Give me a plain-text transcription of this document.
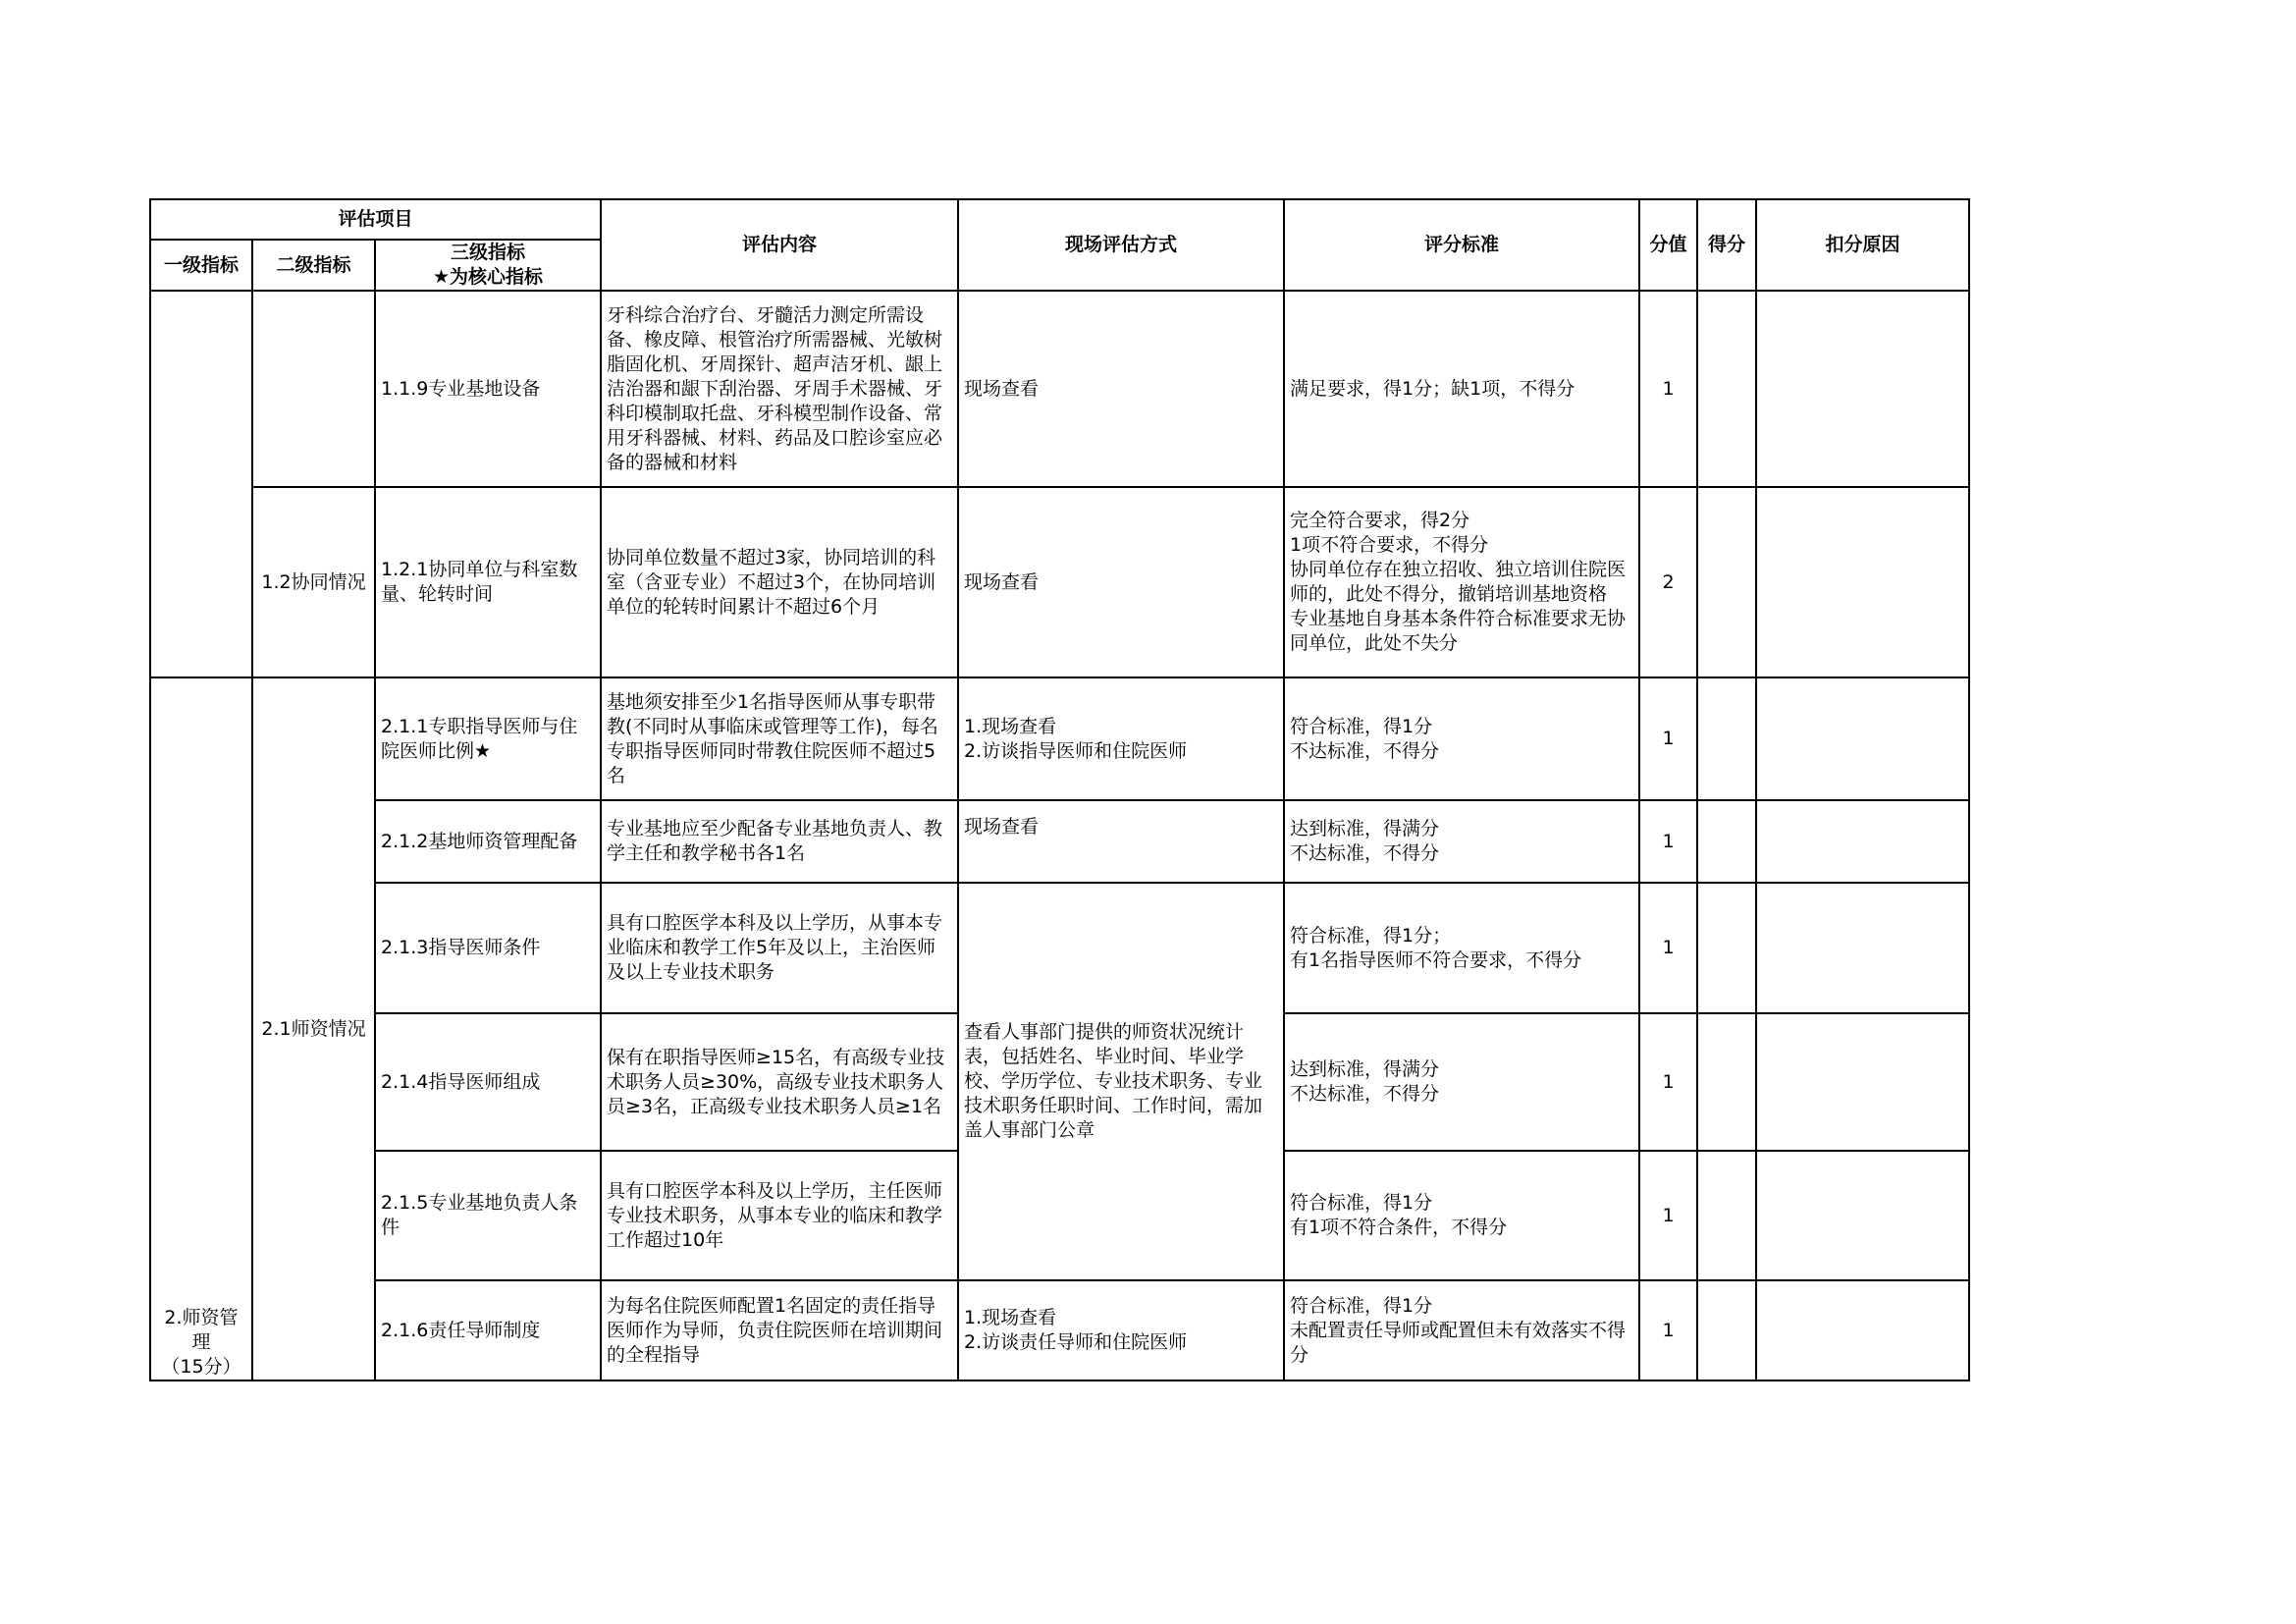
评估项目			评估内容	现场评估方式	评分标准	分值	得分	扣分原因
一级指标	二级指标	三级指标
★为核心指标						
		1.1.9专业基地设备	牙科综合治疗台、牙髓活力测定所需设备、橡皮障、根管治疗所需器械、光敏树脂固化机、牙周探针、超声洁牙机、龈上洁治器和龈下刮治器、牙周手术器械、牙科印模制取托盘、牙科模型制作设备、常用牙科器械、材料、药品及口腔诊室应必备的器械和材料	现场查看	满足要求，得1分；缺1项，不得分	1		
	1.2协同情况	1.2.1协同单位与科室数量、轮转时间	协同单位数量不超过3家，协同培训的科室（含亚专业）不超过3个，在协同培训单位的轮转时间累计不超过6个月	现场查看	完全符合要求，得2分
1项不符合要求，不得分
协同单位存在独立招收、独立培训住院医师的，此处不得分，撤销培训基地资格
专业基地自身基本条件符合标准要求无协同单位，此处不失分	2		
2.师资管理
（15分）	2.1师资情况	2.1.1专职指导医师与住院医师比例★	基地须安排至少1名指导医师从事专职带教(不同时从事临床或管理等工作)，每名专职指导医师同时带教住院医师不超过5名	1.现场查看
2.访谈指导医师和住院医师	符合标准，得1分
不达标准，不得分	1		
		2.1.2基地师资管理配备	专业基地应至少配备专业基地负责人、教学主任和教学秘书各1名	现场查看	达到标准，得满分
不达标准，不得分	1		
		2.1.3指导医师条件	具有口腔医学本科及以上学历，从事本专业临床和教学工作5年及以上，主治医师及以上专业技术职务	查看人事部门提供的师资状况统计表，包括姓名、毕业时间、毕业学校、学历学位、专业技术职务、专业技术职务任职时间、工作时间，需加盖人事部门公章	符合标准，得1分；
有1名指导医师不符合要求，不得分	1		
		2.1.4指导医师组成	保有在职指导医师≥15名，有高级专业技术职务人员≥30%，高级专业技术职务人员≥3名，正高级专业技术职务人员≥1名		达到标准，得满分
不达标准，不得分	1		
		2.1.5专业基地负责人条件	具有口腔医学本科及以上学历，主任医师专业技术职务，从事本专业的临床和教学工作超过10年		符合标准，得1分
有1项不符合条件，不得分	1		
		2.1.6责任导师制度	为每名住院医师配置1名固定的责任指导医师作为导师，负责住院医师在培训期间的全程指导	1.现场查看
2.访谈责任导师和住院医师	符合标准，得1分
未配置责任导师或配置但未有效落实不得分	1		
